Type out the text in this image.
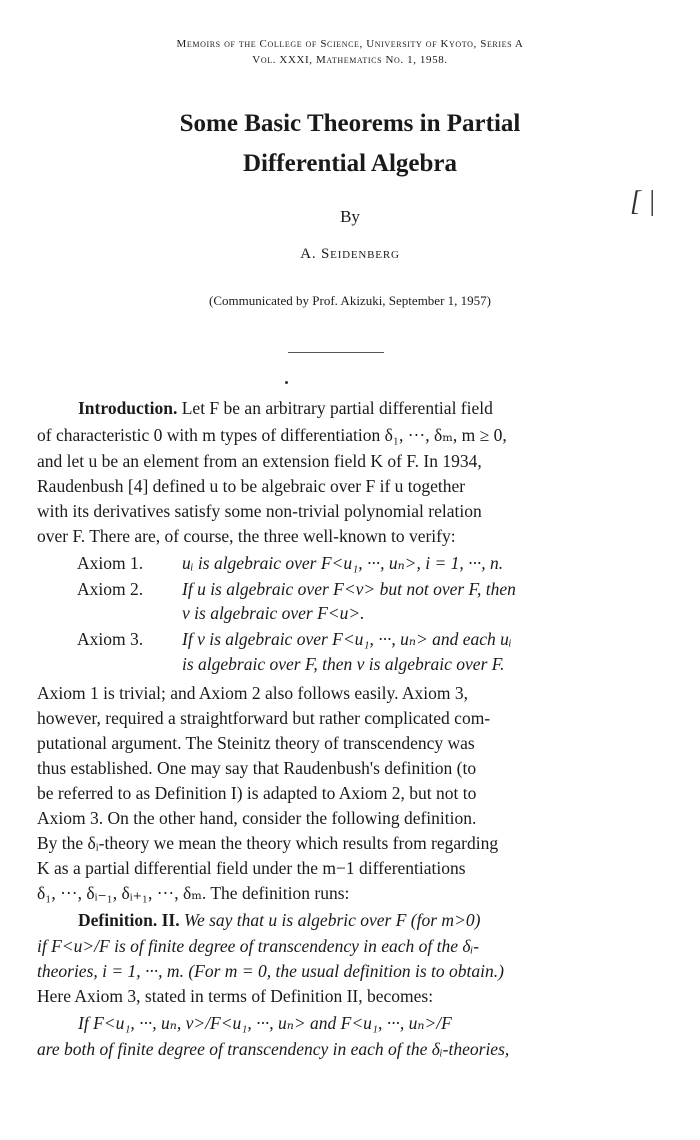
Memoirs of the College of Science, University of Kyoto, Series A
Vol. XXXI, Mathematics No. 1, 1958.
Some Basic Theorems in Partial
Differential Algebra
[ |
By
A. Seidenberg
(Communicated by Prof. Akizuki, September 1, 1957)
Introduction. Let F be an arbitrary partial differential field
of characteristic 0 with m types of differentiation δ₁, ···, δₘ, m ≥ 0,
and let u be an element from an extension field K of F. In 1934,
Raudenbush [4] defined u to be algebraic over F if u together
with its derivatives satisfy some non-trivial polynomial relation
over F. There are, of course, the three well-known to verify:
Axiom 1. uᵢ is algebraic over F<u₁, ···, uₙ>, i = 1, ···, n.
Axiom 2. If u is algebraic over F<v> but not over F, then
v is algebraic over F<u>.
Axiom 3. If v is algebraic over F<u₁, ···, uₙ> and each uᵢ
is algebraic over F, then v is algebraic over F.
Axiom 1 is trivial; and Axiom 2 also follows easily. Axiom 3,
however, required a straightforward but rather complicated com-
putational argument. The Steinitz theory of transcendency was
thus established. One may say that Raudenbush's definition (to
be referred to as Definition I) is adapted to Axiom 2, but not to
Axiom 3. On the other hand, consider the following definition.
By the δᵢ-theory we mean the theory which results from regarding
K as a partial differential field under the m−1 differentiations
δ₁, ···, δᵢ₋₁, δᵢ₊₁, ···, δₘ. The definition runs:
Definition. II. We say that u is algebric over F (for m>0)
if F<u>/F is of finite degree of transcendency in each of the δᵢ-
theories, i = 1, ···, m. (For m = 0, the usual definition is to obtain.)
Here Axiom 3, stated in terms of Definition II, becomes:
If F<u₁, ···, uₙ, v>/F<u₁, ···, uₙ> and F<u₁, ···, uₙ>/F
are both of finite degree of transcendency in each of the δᵢ-theories,
